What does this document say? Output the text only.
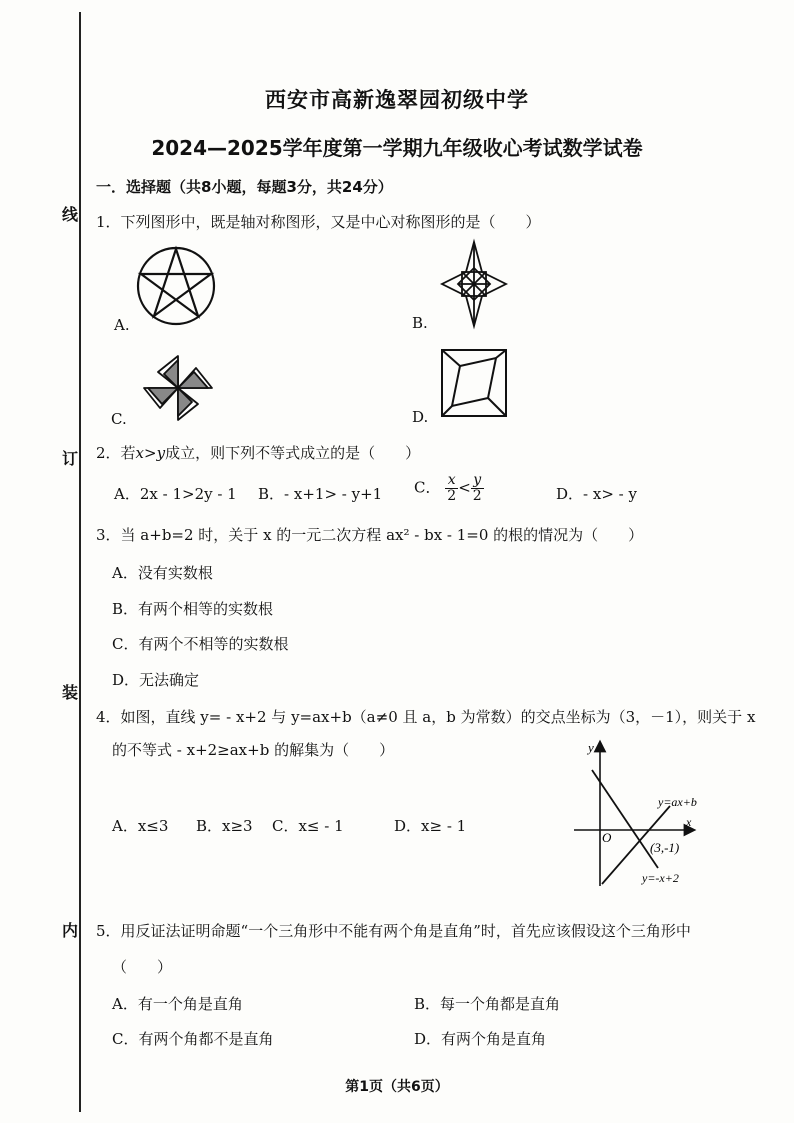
线
订
装
内
西安市高新逸翠园初级中学
2024—2025学年度第一学期九年级收心考试数学试卷
一．选择题（共8小题，每题3分，共24分）
1．下列图形中，既是轴对称图形，又是中心对称图形的是（　　）
A.	B.
C.	D.
2．若x>y成立，则下列不等式成立的是（　　）
A．2x - 1>2y - 1 B．- x+1> - y+1 C． $\frac{x}{2} < \frac{y}{2}$	D．- x> - y
3．当 a+b=2 时，关于 x 的一元二次方程 ax² - bx - 1=0 的根的情况为（　　）
A．没有实数根
B．有两个相等的实数根
C．有两个不相等的实数根
D．无法确定
4．如图，直线 y= - x+2 与 y=ax+b（a≠0 且 a，b 为常数）的交点坐标为（3，－1），则关于 x
的不等式 - x+2≥ax+b 的解集为（　　）
A．x≤3 B．x≥3 C．x≤ - 1	D．x≥ - 1
y
x
O
y=ax+b
(3,-1)
y=-x+2
5．用反证法证明命题“一个三角形中不能有两个角是直角”时，首先应该假设这个三角形中
（　　）
A．有一个角是直角	B．每一个角都是直角
C．有两个角都不是直角	D．有两个角是直角
第1页（共6页）
